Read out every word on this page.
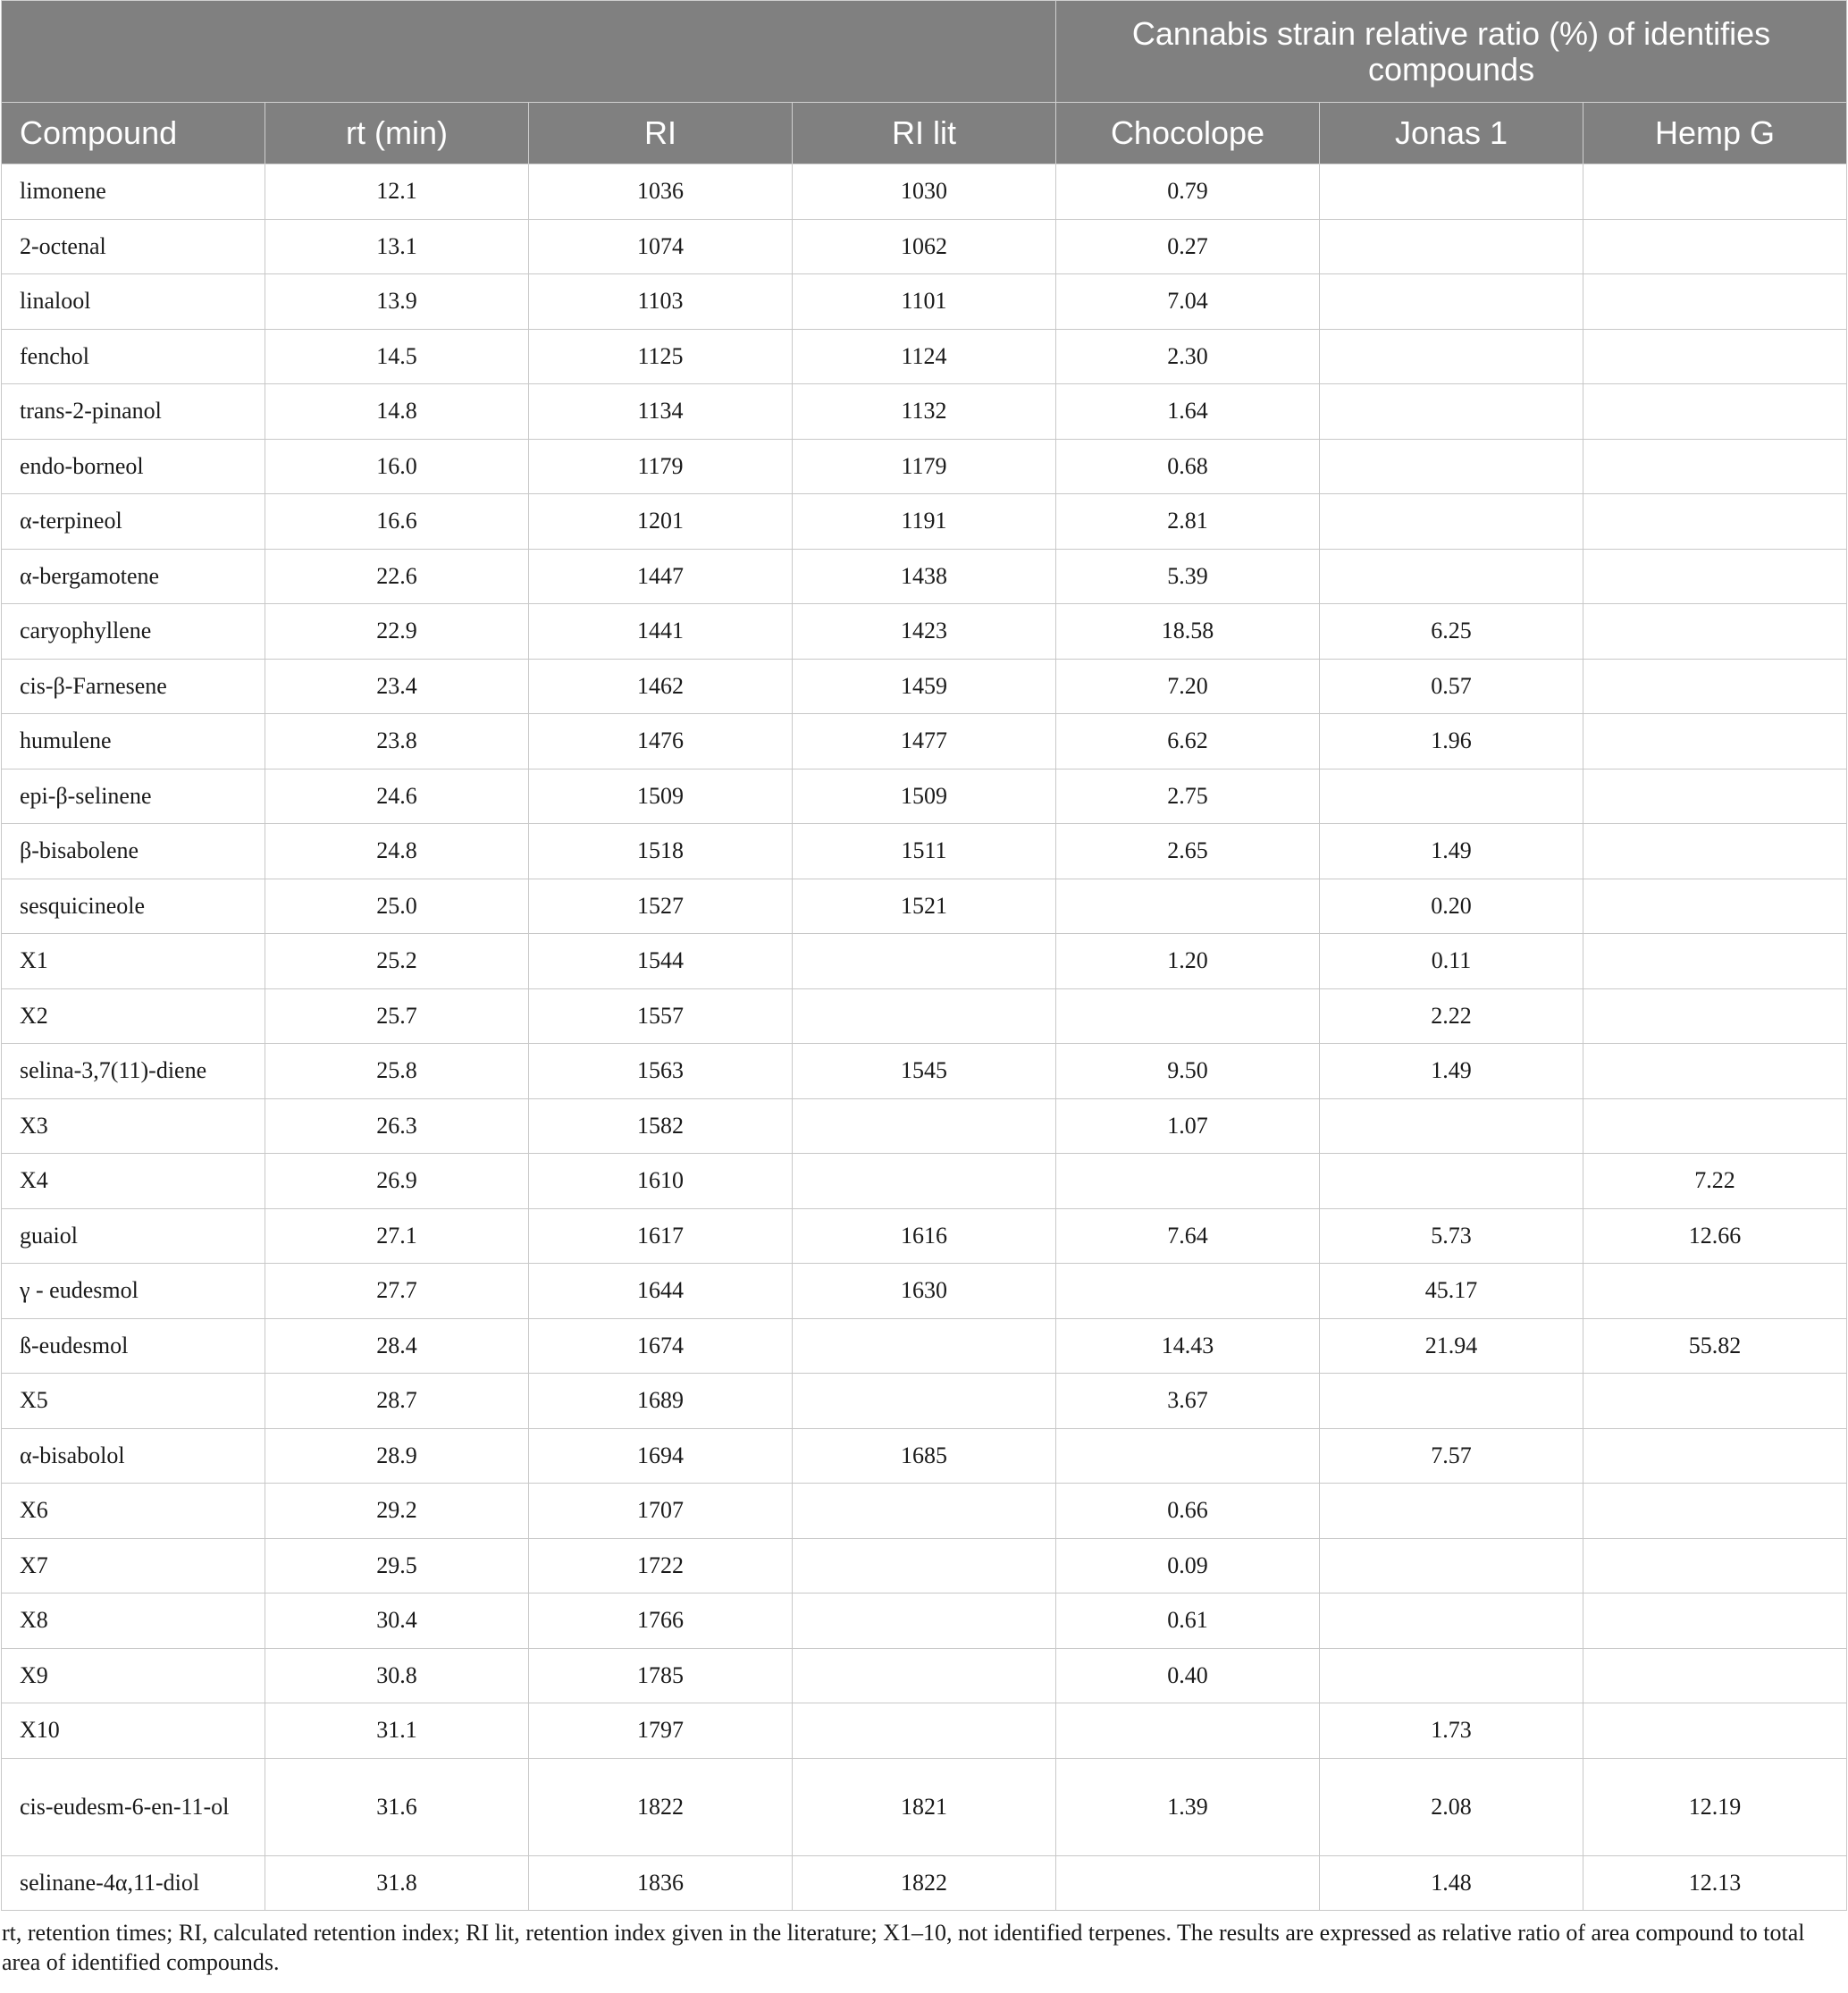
				Cannabis strain relative ratio (%) of identifies compounds		
Compound	rt (min)	RI	RI lit	Chocolope	Jonas 1	Hemp G
limonene	12.1	1036	1030	0.79		
2-octenal	13.1	1074	1062	0.27		
linalool	13.9	1103	1101	7.04		
fenchol	14.5	1125	1124	2.30		
trans-2-pinanol	14.8	1134	1132	1.64		
endo-borneol	16.0	1179	1179	0.68		
α-terpineol	16.6	1201	1191	2.81		
α-bergamotene	22.6	1447	1438	5.39		
caryophyllene	22.9	1441	1423	18.58	6.25	
cis-β-Farnesene	23.4	1462	1459	7.20	0.57	
humulene	23.8	1476	1477	6.62	1.96	
epi-β-selinene	24.6	1509	1509	2.75		
β-bisabolene	24.8	1518	1511	2.65	1.49	
sesquicineole	25.0	1527	1521		0.20	
X1	25.2	1544		1.20	0.11	
X2	25.7	1557			2.22	
selina-3,7(11)-diene	25.8	1563	1545	9.50	1.49	
X3	26.3	1582		1.07		
X4	26.9	1610				7.22
guaiol	27.1	1617	1616	7.64	5.73	12.66
γ - eudesmol	27.7	1644	1630		45.17	
ß-eudesmol	28.4	1674		14.43	21.94	55.82
X5	28.7	1689		3.67		
α-bisabolol	28.9	1694	1685		7.57	
X6	29.2	1707		0.66		
X7	29.5	1722		0.09		
X8	30.4	1766		0.61		
X9	30.8	1785		0.40		
X10	31.1	1797			1.73	
cis-eudesm-6-en-11-ol	31.6	1822	1821	1.39	2.08	12.19
selinane-4α,11-diol	31.8	1836	1822		1.48	12.13
rt, retention times; RI, calculated retention index; RI lit, retention index given in the literature; X1–10, not identified terpenes. The results are expressed as relative ratio of area compound to total area of identified compounds.
